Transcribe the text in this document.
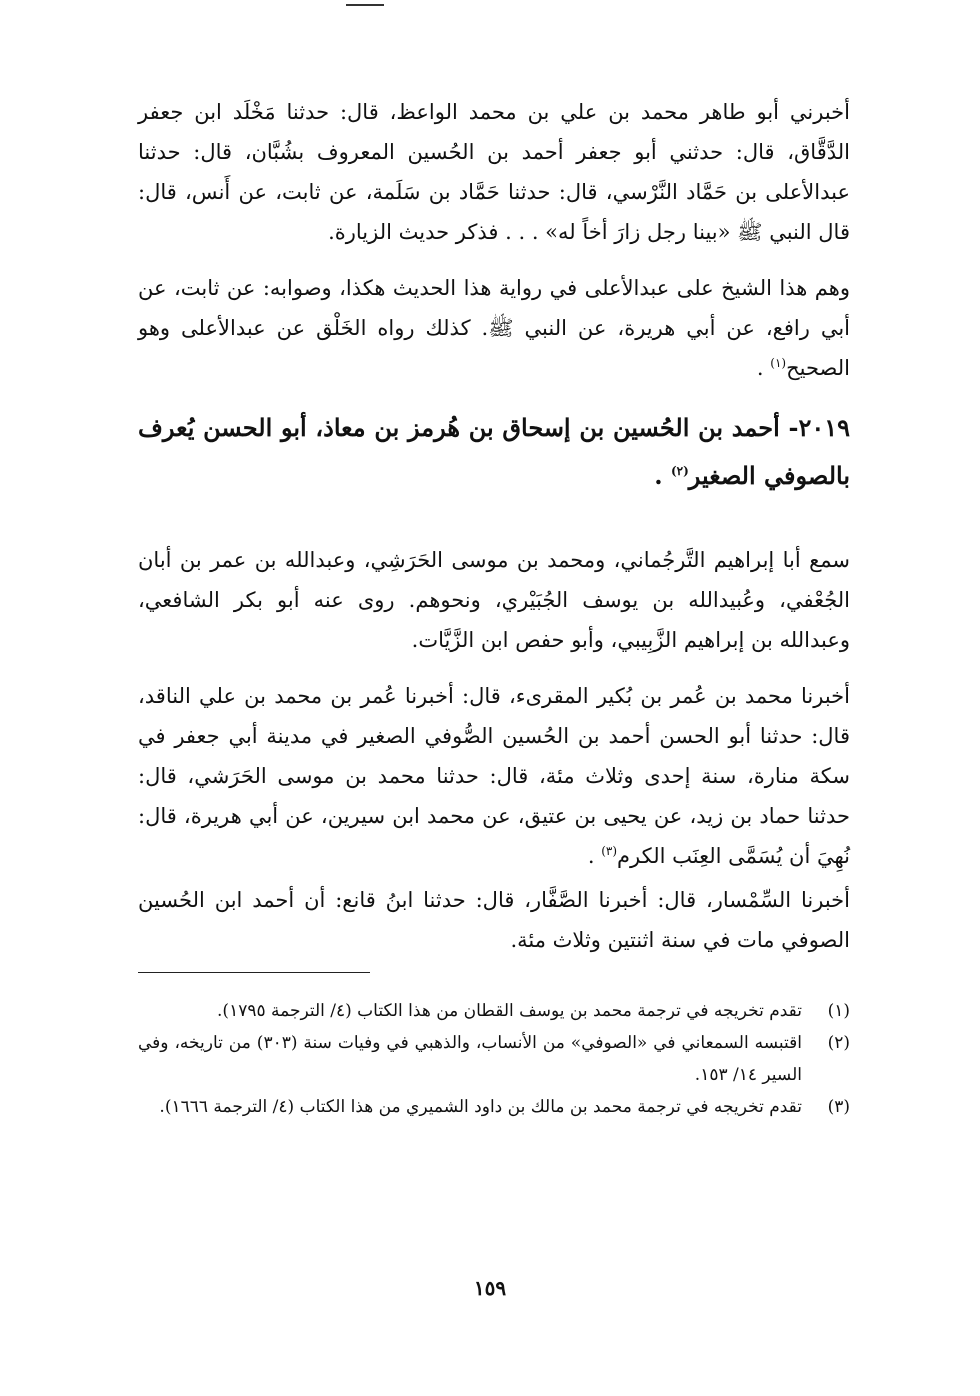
أخبرني أبو طاهر محمد بن علي بن محمد الواعظ، قال: حدثنا مَخْلَد ابن جعفر الدَّقَّاق، قال: حدثني أبو جعفر أحمد بن الحُسين المعروف بشُبَّان، قال: حدثنا عبدالأعلى بن حَمَّاد النَّرْسي، قال: حدثنا حَمَّاد بن سَلَمة، عن ثابت، عن أَنس، قال: قال النبي ﷺ «بينا رجل زارَ أخاً له» . . . فذكر حديث الزيارة.

وهم هذا الشيخ على عبدالأعلى في رواية هذا الحديث هكذا، وصوابه: عن ثابت، عن أبي رافع، عن أبي هريرة، عن النبي ﷺ. كذلك رواه الخَلْق عن عبدالأعلى وهو الصحيح$^{(١)}$ .

٢٠١٩- أحمد بن الحُسين بن إسحاق بن هُرمز بن معاذ، أبو الحسن يُعرف بالصوفي الصغير$^{(٢)}$ .

سمع أبا إبراهيم التَّرجُماني، ومحمد بن موسى الحَرَشِي، وعبدالله بن عمر بن أبان الجُعْفي، وعُبيدالله بن يوسف الجُبَيْري، ونحوهم. روى عنه أبو بكر الشافعي، وعبدالله بن إبراهيم الزَّبِيبي، وأبو حفص ابن الزَّيَّات.

أخبرنا محمد بن عُمر بن بُكير المقرىء، قال: أخبرنا عُمر بن محمد بن علي الناقد، قال: حدثنا أبو الحسن أحمد بن الحُسين الصُّوفي الصغير في مدينة أبي جعفر في سكة منارة، سنة إحدى وثلاث مئة، قال: حدثنا محمد بن موسى الحَرَشي، قال: حدثنا حماد بن زيد، عن يحيى بن عتيق، عن محمد ابن سيرين، عن أبي هريرة، قال: نُهِيَ أن يُسَمَّى العِنَب الكرم$^{(٣)}$ .

أخبرنا السِّمْسار، قال: أخبرنا الصَّفَّار، قال: حدثنا ابنُ قانع: أن أحمد ابن الحُسين الصوفي مات في سنة اثنتين وثلاث مئة.

(١)
تقدم تخريجه في ترجمة محمد بن يوسف القطان من هذا الكتاب (٤/ الترجمة ١٧٩٥).
(٢)
اقتبسه السمعاني في «الصوفي» من الأنساب، والذهبي في وفيات سنة (٣٠٣) من تاريخه، وفي السير ١٤/ ١٥٣.
(٣)
تقدم تخريجه في ترجمة محمد بن مالك بن داود الشميري من هذا الكتاب (٤/ الترجمة ١٦٦٦).
١٥٩
